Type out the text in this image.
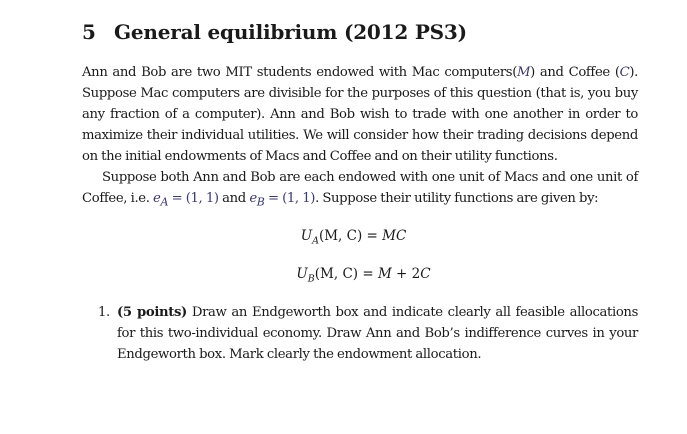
5 General equilibrium (2012 PS3)

Ann and Bob are two MIT students endowed with Mac computers(M) and Coffee (C). Suppose Mac computers are divisible for the purposes of this question (that is, you buy any fraction of a computer). Ann and Bob wish to trade with one another in order to maximize their individual utilities. We will consider how their trading decisions depend on the initial endowments of Macs and Coffee and on their utility functions.

Suppose both Ann and Bob are each endowed with one unit of Macs and one unit of Coffee, i.e. $e_A = (1$, 1) and $e_B = (1$, 1). Suppose their utility functions are given by:

$U_A(M$, C) = MC
$U_B(M$, C) = M + 2C
1. (5 points) Draw an Endgeworth box and indicate clearly all feasible allocations for this two-individual economy. Draw Ann and Bob’s indifference curves in your Endgeworth box. Mark clearly the endowment allocation.
